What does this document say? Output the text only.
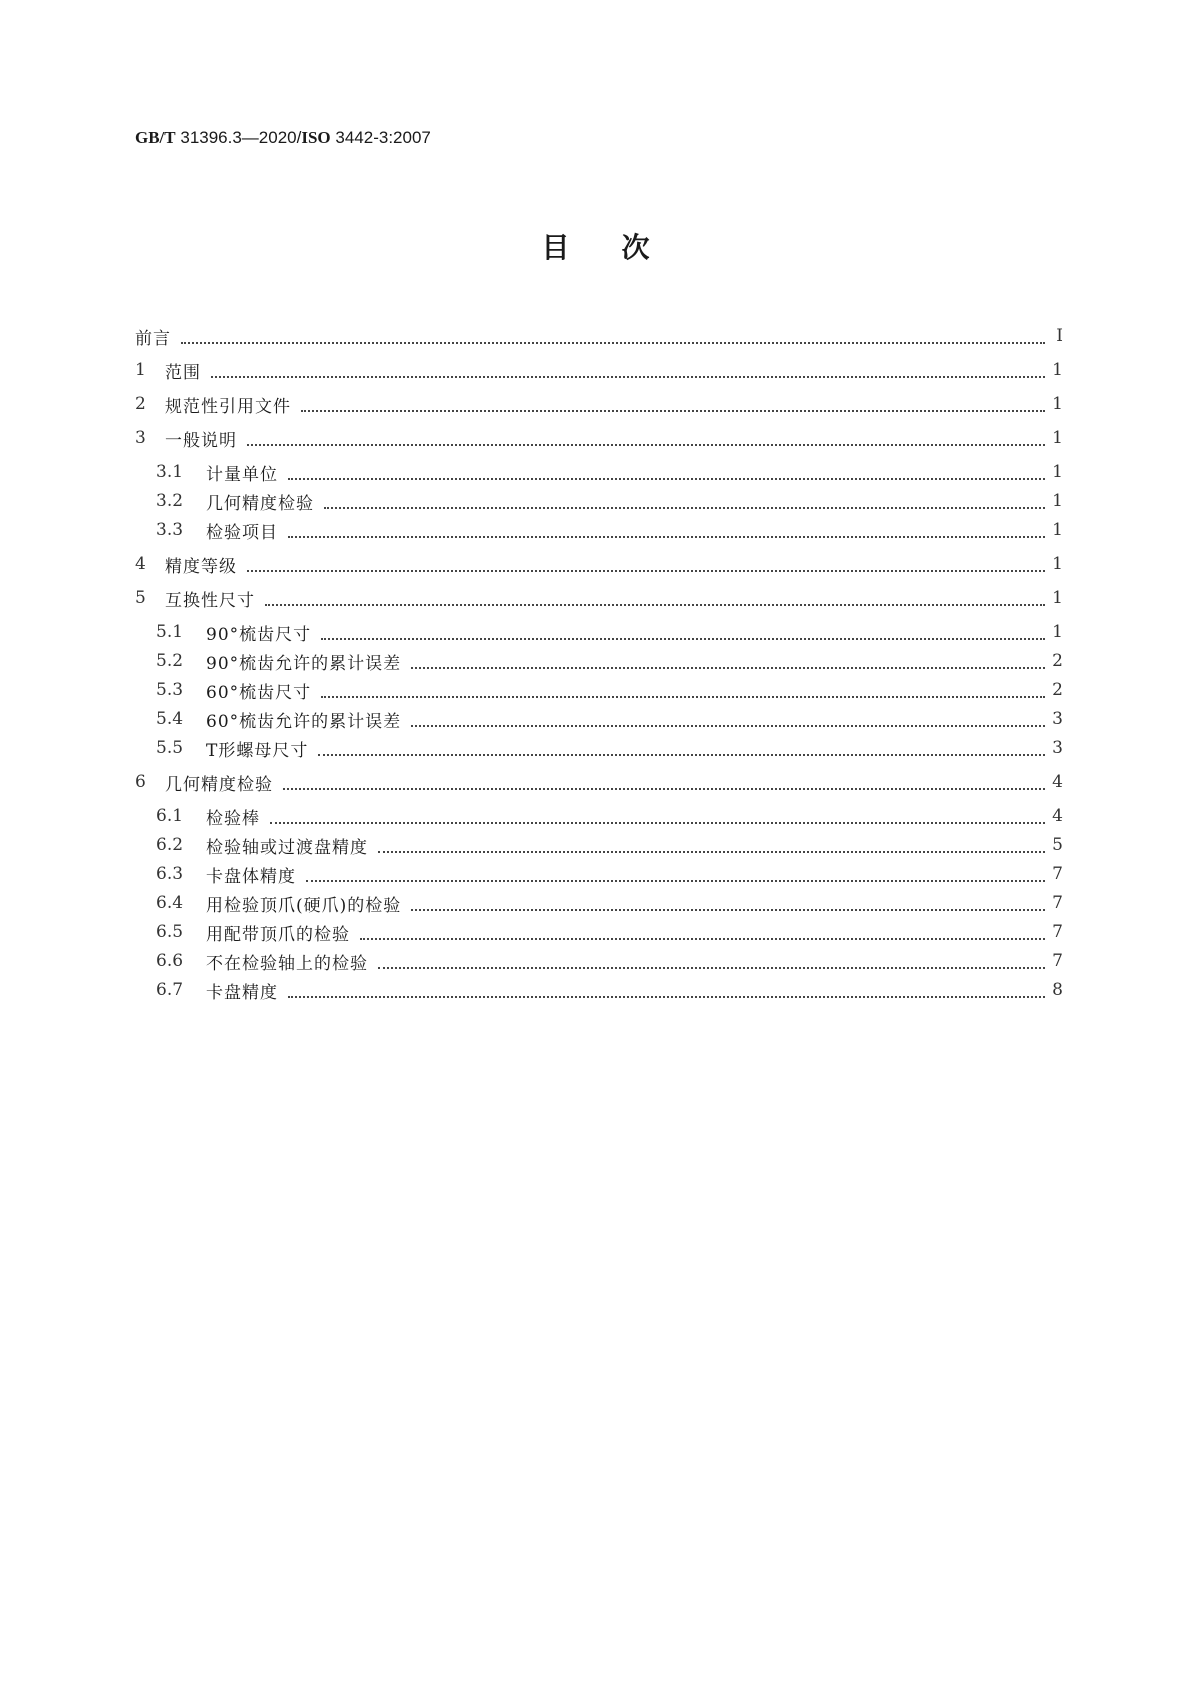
GB/T 31396.3—2020/ISO 3442-3:2007
目次
前言	Ⅰ
1	范围	1
2	规范性引用文件	1
3	一般说明	1
3.1	计量单位	1
3.2	几何精度检验	1
3.3	检验项目	1
4	精度等级	1
5	互换性尺寸	1
5.1	90°梳齿尺寸	1
5.2	90°梳齿允许的累计误差	2
5.3	60°梳齿尺寸	2
5.4	60°梳齿允许的累计误差	3
5.5	T形螺母尺寸	3
6	几何精度检验	4
6.1	检验棒	4
6.2	检验轴或过渡盘精度	5
6.3	卡盘体精度	7
6.4	用检验顶爪(硬爪)的检验	7
6.5	用配带顶爪的检验	7
6.6	不在检验轴上的检验	7
6.7	卡盘精度	8
